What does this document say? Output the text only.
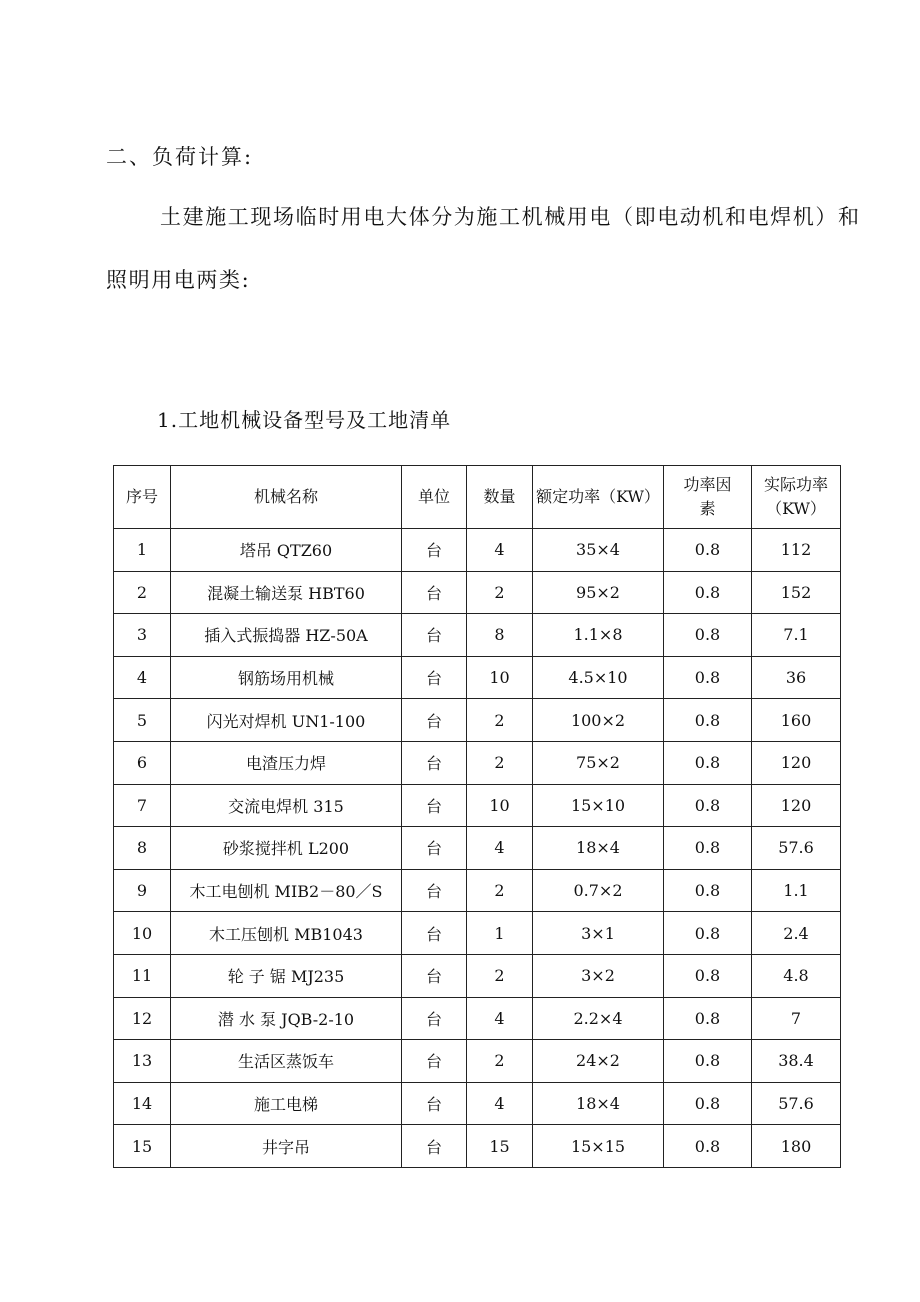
二、负荷计算:
土建施工现场临时用电大体分为施工机械用电（即电动机和电焊机）和
照明用电两类:
1.工地机械设备型号及工地清单
序号	机械名称	单位	数量	额定功率（KW）	功率因素	实际功率（KW）
1	塔吊 QTZ60	台	4	35×4	0.8	112
2	混凝土输送泵 HBT60	台	2	95×2	0.8	152
3	插入式振捣器 HZ-50A	台	8	1.1×8	0.8	7.1
4	钢筋场用机械	台	10	4.5×10	0.8	36
5	闪光对焊机 UN1-100	台	2	100×2	0.8	160
6	电渣压力焊	台	2	75×2	0.8	120
7	交流电焊机 315	台	10	15×10	0.8	120
8	砂浆搅拌机 L200	台	4	18×4	0.8	57.6
9	木工电刨机 MIB2－80／S	台	2	0.7×2	0.8	1.1
10	木工压刨机 MB1043	台	1	3×1	0.8	2.4
11	轮 子 锯 MJ235	台	2	3×2	0.8	4.8
12	潜 水 泵 JQB-2-10	台	4	2.2×4	0.8	7
13	生活区蒸饭车	台	2	24×2	0.8	38.4
14	施工电梯	台	4	18×4	0.8	57.6
15	井字吊	台	15	15×15	0.8	180
